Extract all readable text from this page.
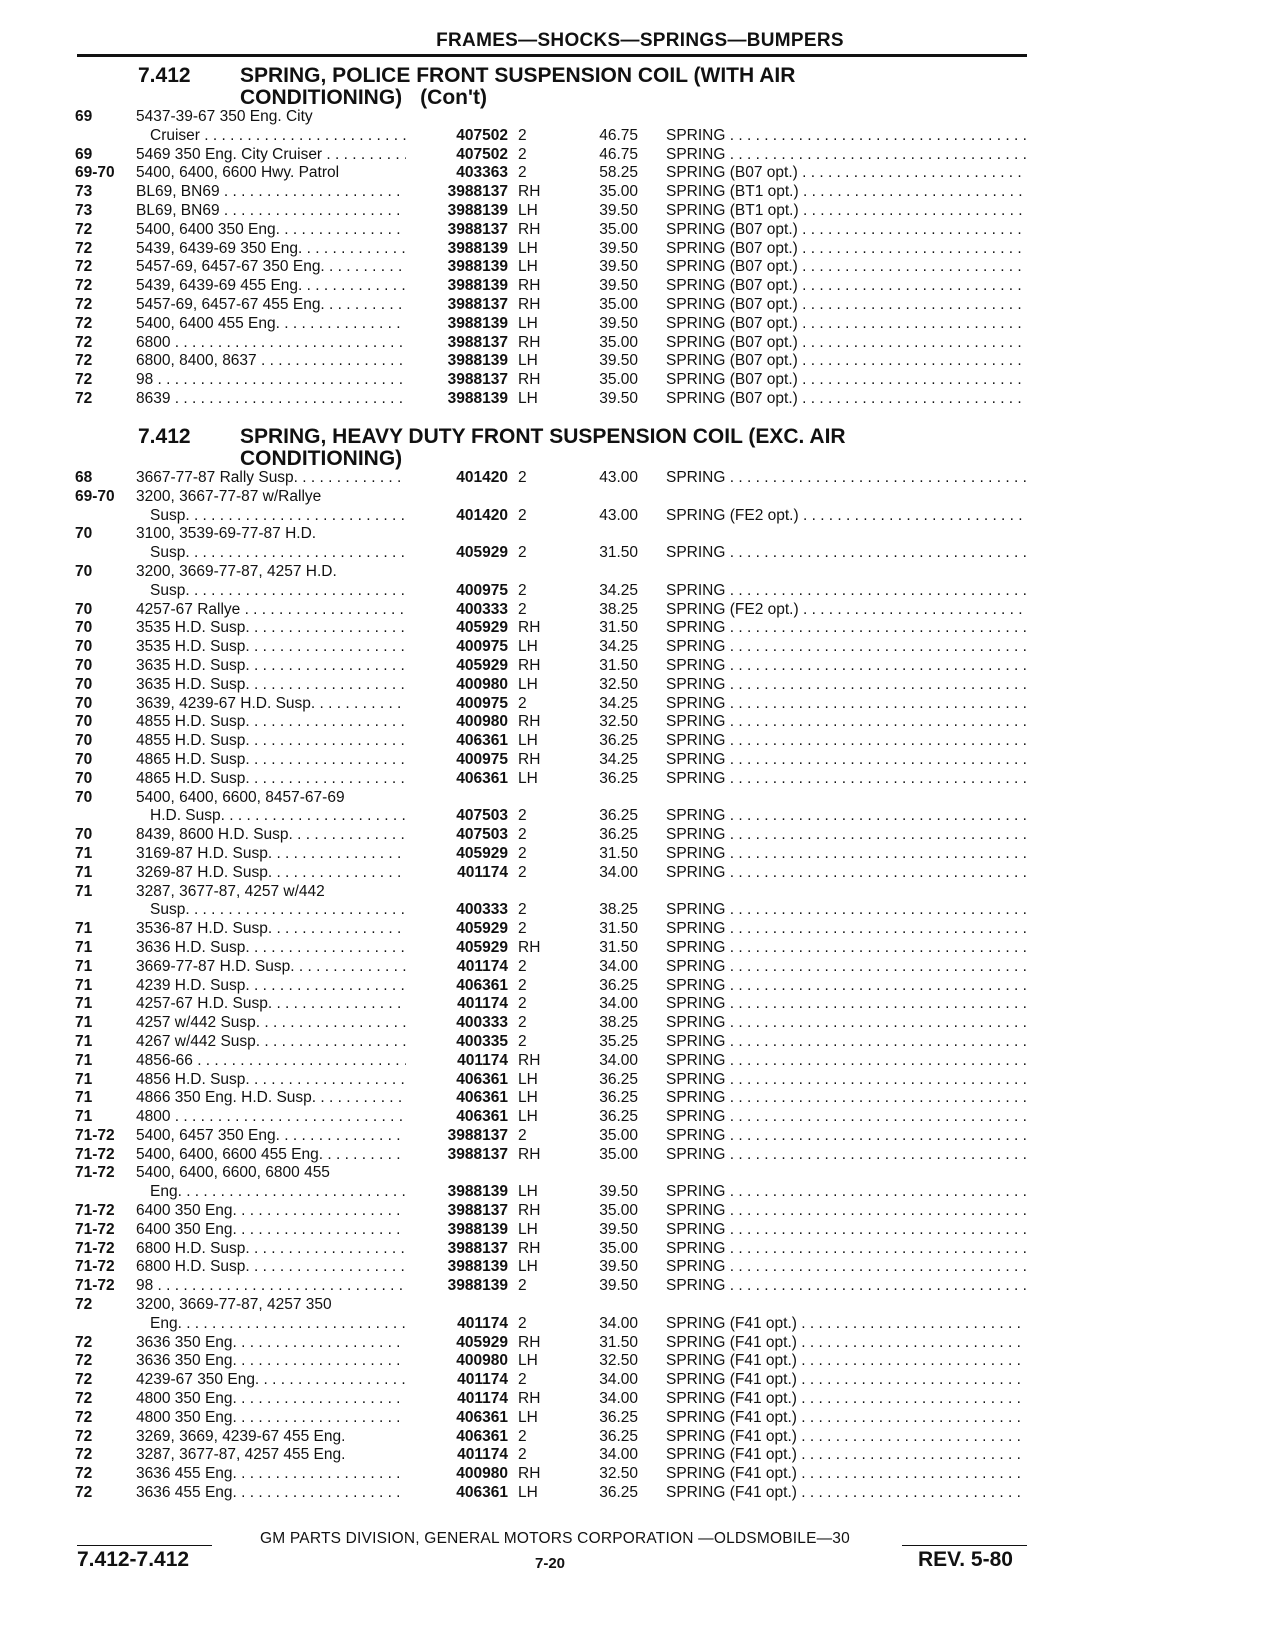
FRAMES—SHOCKS—SPRINGS—BUMPERS
7.412 SPRING, POLICE FRONT SUSPENSION COIL (WITH AIR
CONDITIONING) (Con't)
69	5437-39-67 350 Eng. City
Cruiser . . .	407502 2	46.75 SPRING . . .
69	5469 350 Eng. City Cruiser . . .	407502 2	46.75 SPRING . . .
69-70 5400, 6400, 6600 Hwy. Patrol	403363 2	58.25 SPRING (B07 opt.) . . .
73	BL69, BN69 . . .	3988137 RH	35.00 SPRING (BT1 opt.) . . .
73	BL69, BN69 . . .	3988139 LH	39.50 SPRING (BT1 opt.) . . .
72	5400, 6400 350 Eng. . . .	3988137 RH	35.00 SPRING (B07 opt.) . . .
72	5439, 6439-69 350 Eng. . . .	3988139 LH	39.50 SPRING (B07 opt.) . . .
72	5457-69, 6457-67 350 Eng. . . .	3988139 LH	39.50 SPRING (B07 opt.) . . .
72	5439, 6439-69 455 Eng. . . .	3988139 RH	39.50 SPRING (B07 opt.) . . .
72	5457-69, 6457-67 455 Eng. . . .	3988137 RH	35.00 SPRING (B07 opt.) . . .
72	5400, 6400 455 Eng. . . .	3988139 LH	39.50 SPRING (B07 opt.) . . .
72	6800 . . .	3988137 RH	35.00 SPRING (B07 opt.) . . .
72	6800, 8400, 8637 . . .	3988139 LH	39.50 SPRING (B07 opt.) . . .
72	98 . . .	3988137 RH	35.00 SPRING (B07 opt.) . . .
72	8639 . . .	3988139 LH	39.50 SPRING (B07 opt.) . . .
7.412 SPRING, HEAVY DUTY FRONT SUSPENSION COIL (EXC. AIR
CONDITIONING)
68	3667-77-87 Rally Susp. . . .	401420 2	43.00 SPRING . . .
69-70 3200, 3667-77-87 w/Rallye
Susp. . . .	401420 2	43.00 SPRING (FE2 opt.) . . .
70	3100, 3539-69-77-87 H.D.
Susp. . . .	405929 2	31.50 SPRING . . .
70	3200, 3669-77-87, 4257 H.D.
Susp. . . .	400975 2	34.25 SPRING . . .
70	4257-67 Rallye . . .	400333 2	38.25 SPRING (FE2 opt.) . . .
70	3535 H.D. Susp. . . .	405929 RH	31.50 SPRING . . .
70	3535 H.D. Susp. . . .	400975 LH	34.25 SPRING . . .
70	3635 H.D. Susp. . . .	405929 RH	31.50 SPRING . . .
70	3635 H.D. Susp. . . .	400980 LH	32.50 SPRING . . .
70	3639, 4239-67 H.D. Susp. . . .	400975 2	34.25 SPRING . . .
70	4855 H.D. Susp. . . .	400980 RH	32.50 SPRING . . .
70	4855 H.D. Susp. . . .	406361 LH	36.25 SPRING . . .
70	4865 H.D. Susp. . . .	400975 RH	34.25 SPRING . . .
70	4865 H.D. Susp. . . .	406361 LH	36.25 SPRING . . .
70	5400, 6400, 6600, 8457-67-69
H.D. Susp. . . .	407503 2	36.25 SPRING . . .
70	8439, 8600 H.D. Susp. . . .	407503 2	36.25 SPRING . . .
71	3169-87 H.D. Susp. . . .	405929 2	31.50 SPRING . . .
71	3269-87 H.D. Susp. . . .	401174 2	34.00 SPRING . . .
71	3287, 3677-87, 4257 w/442
Susp. . . .	400333 2	38.25 SPRING . . .
71	3536-87 H.D. Susp. . . .	405929 2	31.50 SPRING . . .
71	3636 H.D. Susp. . . .	405929 RH	31.50 SPRING . . .
71	3669-77-87 H.D. Susp. . . .	401174 2	34.00 SPRING . . .
71	4239 H.D. Susp. . . .	406361 2	36.25 SPRING . . .
71	4257-67 H.D. Susp. . . .	401174 2	34.00 SPRING . . .
71	4257 w/442 Susp. . . .	400333 2	38.25 SPRING . . .
71	4267 w/442 Susp. . . .	400335 2	35.25 SPRING . . .
71	4856-66 . . .	401174 RH	34.00 SPRING . . .
71	4856 H.D. Susp. . . .	406361 LH	36.25 SPRING . . .
71	4866 350 Eng. H.D. Susp. . . .	406361 LH	36.25 SPRING . . .
71	4800 . . .	406361 LH	36.25 SPRING . . .
71-72 5400, 6457 350 Eng. . . .	3988137 2	35.00 SPRING . . .
71-72 5400, 6400, 6600 455 Eng. . . .	3988137 RH	35.00 SPRING . . .
71-72 5400, 6400, 6600, 6800 455
Eng. . . .	3988139 LH	39.50 SPRING . . .
71-72 6400 350 Eng. . . .	3988137 RH	35.00 SPRING . . .
71-72 6400 350 Eng. . . .	3988139 LH	39.50 SPRING . . .
71-72 6800 H.D. Susp. . . .	3988137 RH	35.00 SPRING . . .
71-72 6800 H.D. Susp. . . .	3988139 LH	39.50 SPRING . . .
71-72 98 . . .	3988139 2	39.50 SPRING . . .
72	3200, 3669-77-87, 4257 350
Eng. . . .	401174 2	34.00 SPRING (F41 opt.) . . .
72	3636 350 Eng. . . .	405929 RH	31.50 SPRING (F41 opt.) . . .
72	3636 350 Eng. . . .	400980 LH	32.50 SPRING (F41 opt.) . . .
72	4239-67 350 Eng. . . .	401174 2	34.00 SPRING (F41 opt.) . . .
72	4800 350 Eng. . . .	401174 RH	34.00 SPRING (F41 opt.) . . .
72	4800 350 Eng. . . .	406361 LH	36.25 SPRING (F41 opt.) . . .
72	3269, 3669, 4239-67 455 Eng.	406361 2	36.25 SPRING (F41 opt.) . . .
72	3287, 3677-87, 4257 455 Eng.	401174 2	34.00 SPRING (F41 opt.) . . .
72	3636 455 Eng. . . .	400980 RH	32.50 SPRING (F41 opt.) . . .
72	3636 455 Eng. . . .	406361 LH	36.25 SPRING (F41 opt.) . . .
GM PARTS DIVISION, GENERAL MOTORS CORPORATION —OLDSMOBILE—30
7.412-7.412	7-20	REV. 5-80
